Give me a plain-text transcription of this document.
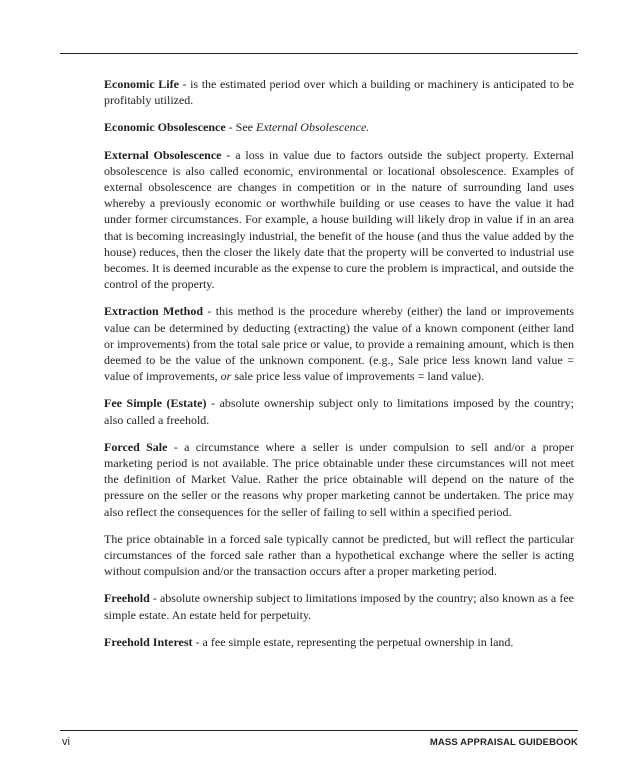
Economic Life - is the estimated period over which a building or machinery is anticipated to be profitably utilized.

Economic Obsolescence - See External Obsolescence.

External Obsolescence - a loss in value due to factors outside the subject property. External obsolescence is also called economic, environmental or locational obsolescence. Examples of external obsolescence are changes in competition or in the nature of surrounding land uses whereby a previously economic or worthwhile building or use ceases to have the value it had under former circumstances. For example, a house building will likely drop in value if in an area that is becoming increasingly industrial, the benefit of the house (and thus the value added by the house) reduces, then the closer the likely date that the property will be converted to industrial use becomes. It is deemed incurable as the expense to cure the problem is impractical, and outside the control of the property.

Extraction Method - this method is the procedure whereby (either) the land or improvements value can be determined by deducting (extracting) the value of a known component (either land or improvements) from the total sale price or value, to provide a remaining amount, which is then deemed to be the value of the unknown component. (e.g., Sale price less known land value = value of improvements, or sale price less value of improvements = land value).

Fee Simple (Estate) - absolute ownership subject only to limitations imposed by the country; also called a freehold.

Forced Sale - a circumstance where a seller is under compulsion to sell and/or a proper marketing period is not available. The price obtainable under these circumstances will not meet the definition of Market Value. Rather the price obtainable will depend on the nature of the pressure on the seller or the reasons why proper marketing cannot be undertaken. The price may also reflect the consequences for the seller of failing to sell within a specified period.

The price obtainable in a forced sale typically cannot be predicted, but will reflect the particular circumstances of the forced sale rather than a hypothetical exchange where the seller is acting without compulsion and/or the transaction occurs after a proper marketing period.

Freehold - absolute ownership subject to limitations imposed by the country; also known as a fee simple estate. An estate held for perpetuity.

Freehold Interest - a fee simple estate, representing the perpetual ownership in land.

vi	MASS APPRAISAL GUIDEBOOK
